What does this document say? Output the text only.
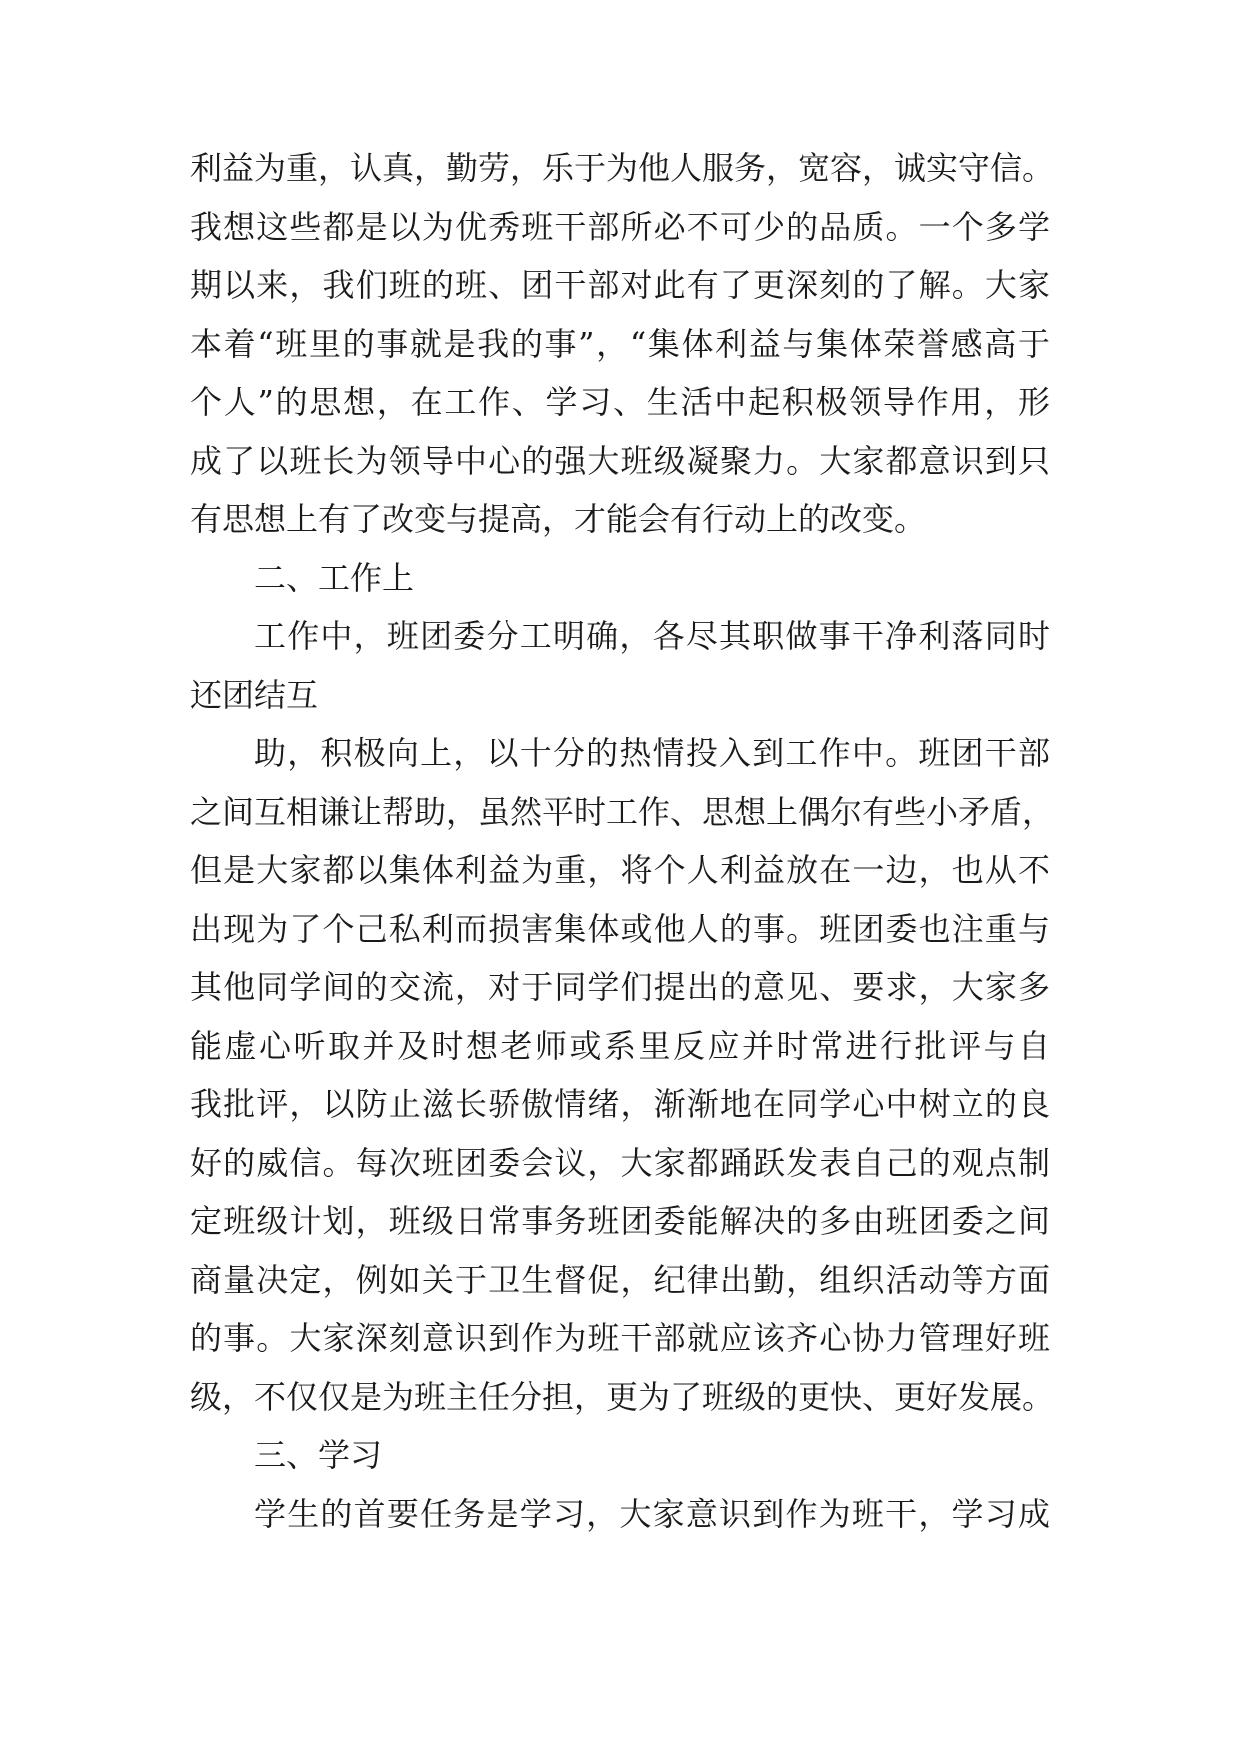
利益为重，认真，勤劳，乐于为他人服务，宽容，诚实守信。
我想这些都是以为优秀班干部所必不可少的品质。一个多学
期以来，我们班的班、团干部对此有了更深刻的了解。大家
本着“班里的事就是我的事”，“集体利益与集体荣誉感高于
个人”的思想，在工作、学习、生活中起积极领导作用，形
成了以班长为领导中心的强大班级凝聚力。大家都意识到只
有思想上有了改变与提高，才能会有行动上的改变。
二、工作上
工作中，班团委分工明确，各尽其职做事干净利落同时
还团结互
助，积极向上，以十分的热情投入到工作中。班团干部
之间互相谦让帮助，虽然平时工作、思想上偶尔有些小矛盾，
但是大家都以集体利益为重，将个人利益放在一边，也从不
出现为了个己私利而损害集体或他人的事。班团委也注重与
其他同学间的交流，对于同学们提出的意见、要求，大家多
能虚心听取并及时想老师或系里反应并时常进行批评与自
我批评，以防止滋长骄傲情绪，渐渐地在同学心中树立的良
好的威信。每次班团委会议，大家都踊跃发表自己的观点制
定班级计划，班级日常事务班团委能解决的多由班团委之间
商量决定，例如关于卫生督促，纪律出勤，组织活动等方面
的事。大家深刻意识到作为班干部就应该齐心协力管理好班
级，不仅仅是为班主任分担，更为了班级的更快、更好发展。
三、学习
学生的首要任务是学习，大家意识到作为班干，学习成
